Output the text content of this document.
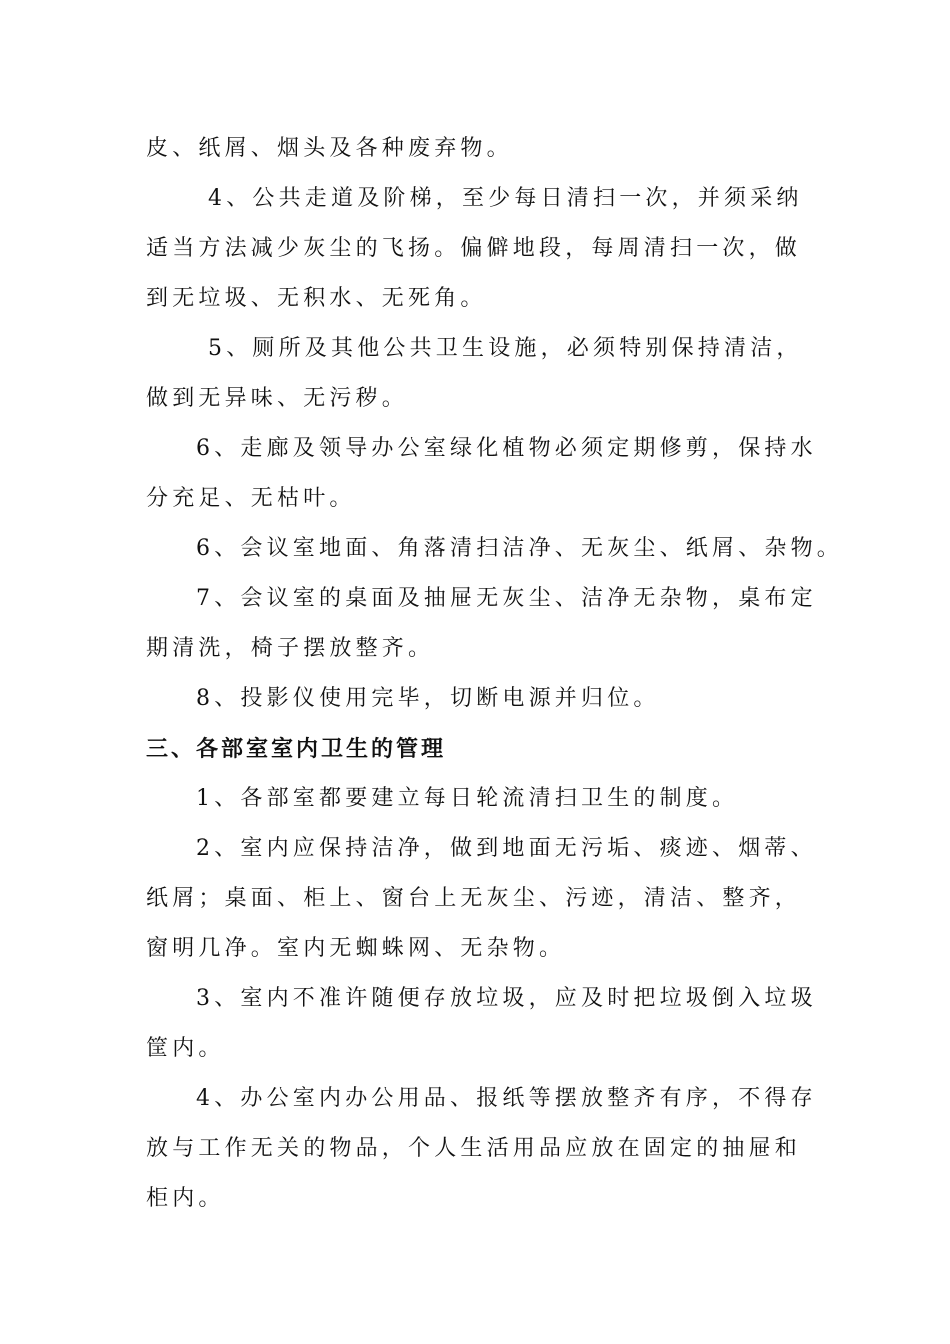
皮、纸屑、烟头及各种废弃物。
4、公共走道及阶梯，至少每日清扫一次，并须采纳
适当方法减少灰尘的飞扬。偏僻地段，每周清扫一次，做
到无垃圾、无积水、无死角。
5、厕所及其他公共卫生设施，必须特别保持清洁，
做到无异味、无污秽。
6、走廊及领导办公室绿化植物必须定期修剪，保持水
分充足、无枯叶。
6、会议室地面、角落清扫洁净、无灰尘、纸屑、杂物。
7、会议室的桌面及抽屉无灰尘、洁净无杂物，桌布定
期清洗，椅子摆放整齐。
8、投影仪使用完毕，切断电源并归位。
三、各部室室内卫生的管理
1、各部室都要建立每日轮流清扫卫生的制度。
2、室内应保持洁净，做到地面无污垢、痰迹、烟蒂、
纸屑；桌面、柜上、窗台上无灰尘、污迹，清洁、整齐，
窗明几净。室内无蜘蛛网、无杂物。
3、室内不准许随便存放垃圾，应及时把垃圾倒入垃圾
筐内。
4、办公室内办公用品、报纸等摆放整齐有序，不得存
放与工作无关的物品，个人生活用品应放在固定的抽屉和
柜内。
